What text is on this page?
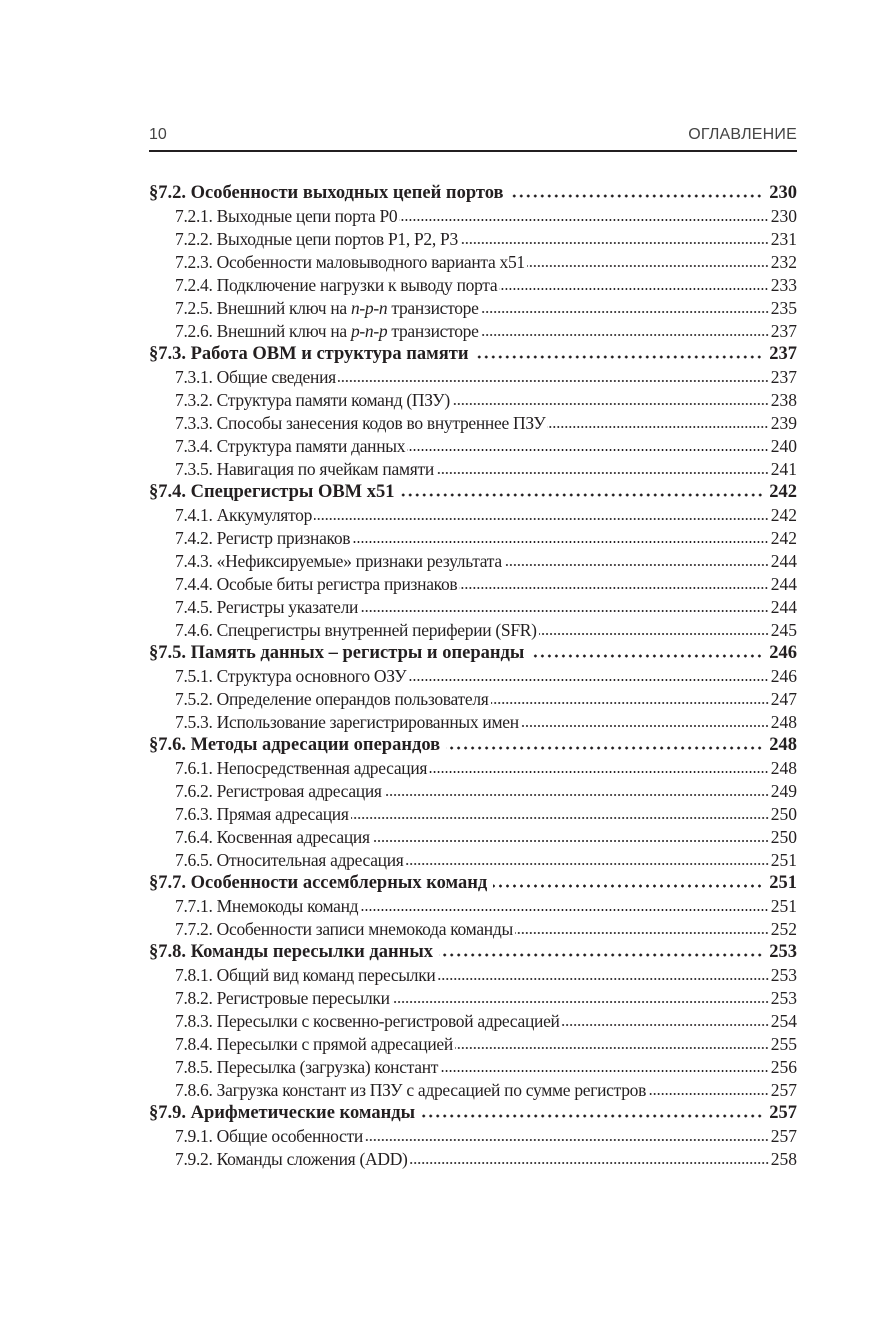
10	ОГЛАВЛЕНИЕ
§7.2. Особенности выходных цепей портов	230
7.2.1. Выходные цепи порта P0	230
7.2.2. Выходные цепи портов P1, P2, P3	231
7.2.3. Особенности маловыводного варианта x51	232
7.2.4. Подключение нагрузки к выводу порта	233
7.2.5. Внешний ключ на n-p-n транзисторе	235
7.2.6. Внешний ключ на p-n-p транзисторе	237
§7.3. Работа ОВМ и структура памяти	237
7.3.1. Общие сведения	237
7.3.2. Структура памяти команд (ПЗУ)	238
7.3.3. Способы занесения кодов во внутреннее ПЗУ	239
7.3.4. Структура памяти данных	240
7.3.5. Навигация по ячейкам памяти	241
§7.4. Спецрегистры ОВМ x51	242
7.4.1. Аккумулятор	242
7.4.2. Регистр признаков	242
7.4.3. «Нефиксируемые» признаки результата	244
7.4.4. Особые биты регистра признаков	244
7.4.5. Регистры указатели	244
7.4.6. Спецрегистры внутренней периферии (SFR)	245
§7.5. Память данных – регистры и операнды	246
7.5.1. Структура основного ОЗУ	246
7.5.2. Определение операндов пользователя	247
7.5.3. Использование зарегистрированных имен	248
§7.6. Методы адресации операндов	248
7.6.1. Непосредственная адресация	248
7.6.2. Регистровая адресация	249
7.6.3. Прямая адресация	250
7.6.4. Косвенная адресация	250
7.6.5. Относительная адресация	251
§7.7. Особенности ассемблерных команд	251
7.7.1. Мнемокоды команд	251
7.7.2. Особенности записи мнемокода команды	252
§7.8. Команды пересылки данных	253
7.8.1. Общий вид команд пересылки	253
7.8.2. Регистровые пересылки	253
7.8.3. Пересылки с косвенно-регистровой адресацией	254
7.8.4. Пересылки с прямой адресацией	255
7.8.5. Пересылка (загрузка) констант	256
7.8.6. Загрузка констант из ПЗУ с адресацией по сумме регистров	257
§7.9. Арифметические команды	257
7.9.1. Общие особенности	257
7.9.2. Команды сложения (ADD)	258
